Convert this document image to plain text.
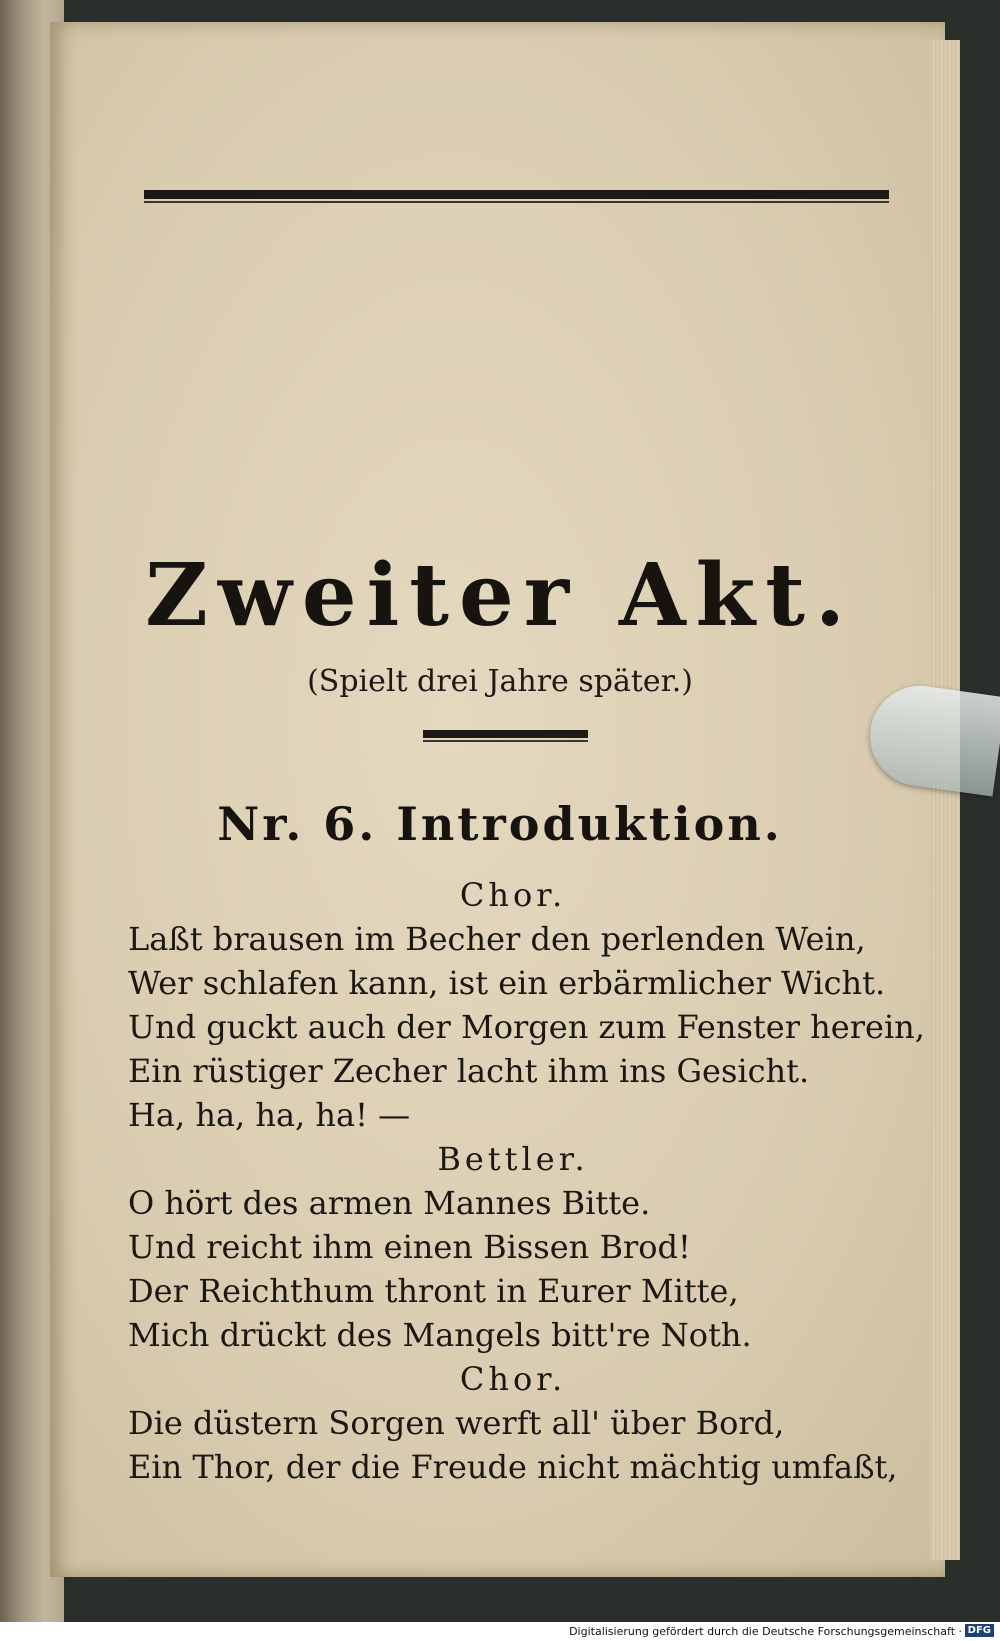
Zweiter Akt.
(Spielt drei Jahre später.)
Nr. 6. Introduktion.
Chor.
Laßt brausen im Becher den perlenden Wein,
Wer schlafen kann, ist ein erbärmlicher Wicht.
Und guckt auch der Morgen zum Fenster herein,
Ein rüstiger Zecher lacht ihm ins Gesicht.
Ha, ha, ha, ha! —
Bettler.
O hört des armen Mannes Bitte.
Und reicht ihm einen Bissen Brod!
Der Reichthum thront in Eurer Mitte,
Mich drückt des Mangels bitt're Noth.
Chor.
Die düstern Sorgen werft all' über Bord,
Ein Thor, der die Freude nicht mächtig umfaßt,
Digitalisierung gefördert durch die Deutsche Forschungsgemeinschaft · DFG
